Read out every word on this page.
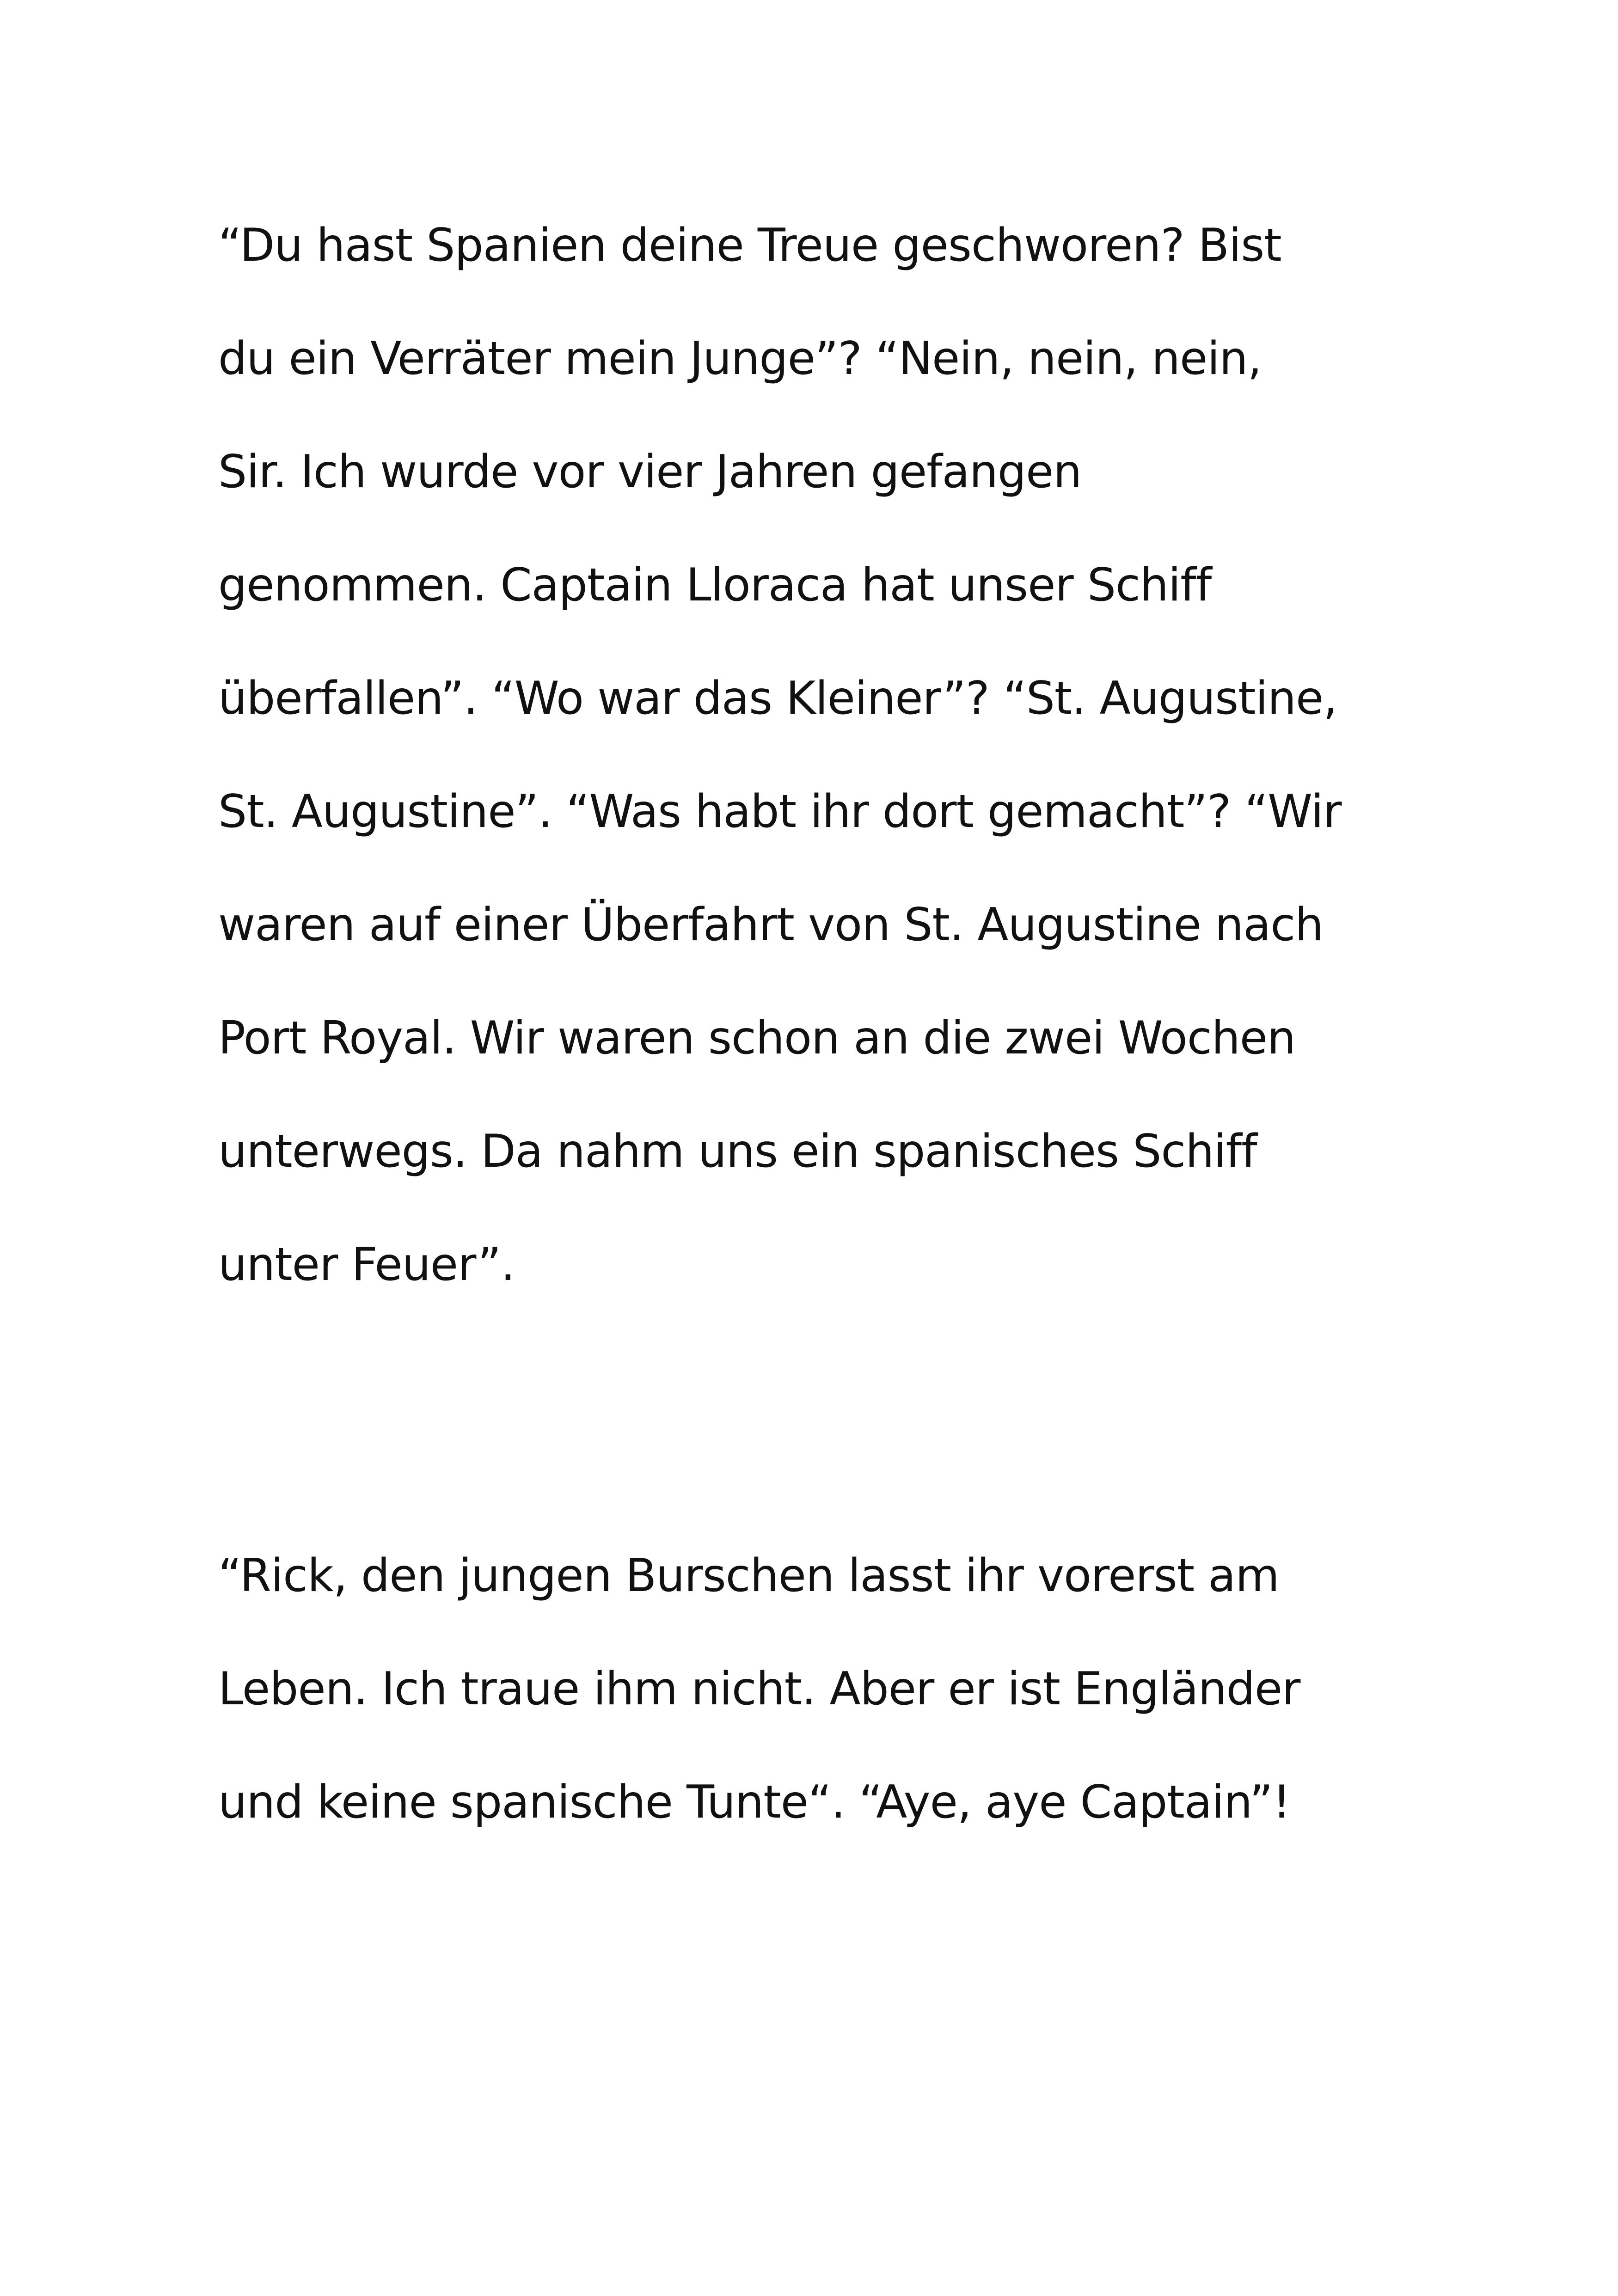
“Du hast Spanien deine Treue geschworen? Bist

du ein Verräter mein Junge”? “Nein, nein, nein,

Sir. Ich wurde vor vier Jahren gefangen

genommen. Captain Lloraca hat unser Schiff

überfallen”. “Wo war das Kleiner”? “St. Augustine,

St. Augustine”. “Was habt ihr dort gemacht”? “Wir

waren auf einer Überfahrt von St. Augustine nach

Port Royal. Wir waren schon an die zwei Wochen

unterwegs. Da nahm uns ein spanisches Schiff

unter Feuer”.

“Rick, den jungen Burschen lasst ihr vorerst am

Leben. Ich traue ihm nicht. Aber er ist Engländer

und keine spanische Tunte“. “Aye, aye Captain”!
